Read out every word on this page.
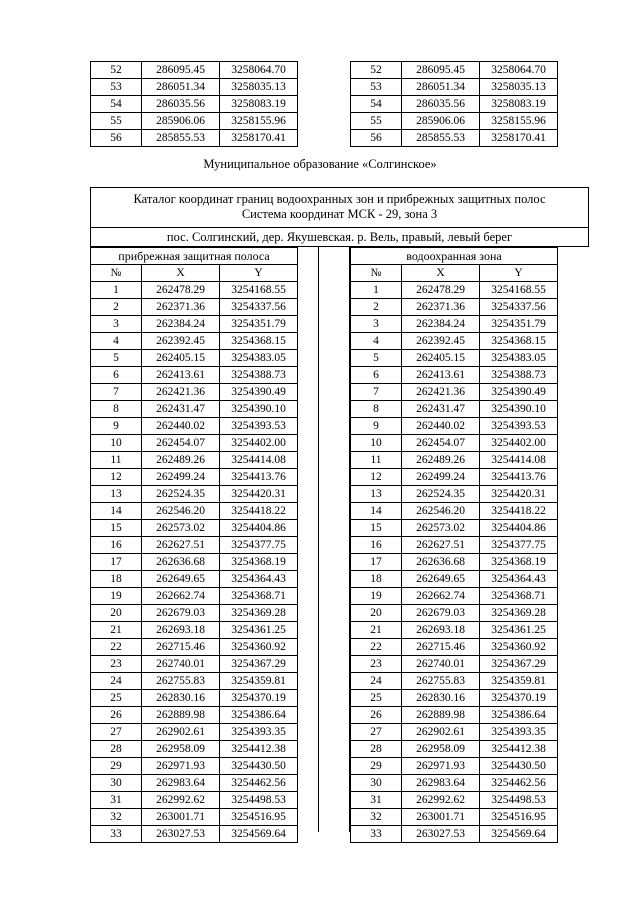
52	286095.45	3258064.70
53	286051.34	3258035.13
54	286035.56	3258083.19
55	285906.06	3258155.96
56	285855.53	3258170.41
52	286095.45	3258064.70
53	286051.34	3258035.13
54	286035.56	3258083.19
55	285906.06	3258155.96
56	285855.53	3258170.41
Муниципальное образование «Солгинское»
Каталог координат границ водоохранных зон и прибрежных защитных полос
Система координат МСК - 29, зона 3
пос. Солгинский, дер. Якушевская. р. Вель, правый, левый берег
прибрежная защитная полоса		
№	X	Y
1	262478.29	3254168.55
2	262371.36	3254337.56
3	262384.24	3254351.79
4	262392.45	3254368.15
5	262405.15	3254383.05
6	262413.61	3254388.73
7	262421.36	3254390.49
8	262431.47	3254390.10
9	262440.02	3254393.53
10	262454.07	3254402.00
11	262489.26	3254414.08
12	262499.24	3254413.76
13	262524.35	3254420.31
14	262546.20	3254418.22
15	262573.02	3254404.86
16	262627.51	3254377.75
17	262636.68	3254368.19
18	262649.65	3254364.43
19	262662.74	3254368.71
20	262679.03	3254369.28
21	262693.18	3254361.25
22	262715.46	3254360.92
23	262740.01	3254367.29
24	262755.83	3254359.81
25	262830.16	3254370.19
26	262889.98	3254386.64
27	262902.61	3254393.35
28	262958.09	3254412.38
29	262971.93	3254430.50
30	262983.64	3254462.56
31	262992.62	3254498.53
32	263001.71	3254516.95
33	263027.53	3254569.64
водоохранная зона		
№	X	Y
1	262478.29	3254168.55
2	262371.36	3254337.56
3	262384.24	3254351.79
4	262392.45	3254368.15
5	262405.15	3254383.05
6	262413.61	3254388.73
7	262421.36	3254390.49
8	262431.47	3254390.10
9	262440.02	3254393.53
10	262454.07	3254402.00
11	262489.26	3254414.08
12	262499.24	3254413.76
13	262524.35	3254420.31
14	262546.20	3254418.22
15	262573.02	3254404.86
16	262627.51	3254377.75
17	262636.68	3254368.19
18	262649.65	3254364.43
19	262662.74	3254368.71
20	262679.03	3254369.28
21	262693.18	3254361.25
22	262715.46	3254360.92
23	262740.01	3254367.29
24	262755.83	3254359.81
25	262830.16	3254370.19
26	262889.98	3254386.64
27	262902.61	3254393.35
28	262958.09	3254412.38
29	262971.93	3254430.50
30	262983.64	3254462.56
31	262992.62	3254498.53
32	263001.71	3254516.95
33	263027.53	3254569.64
